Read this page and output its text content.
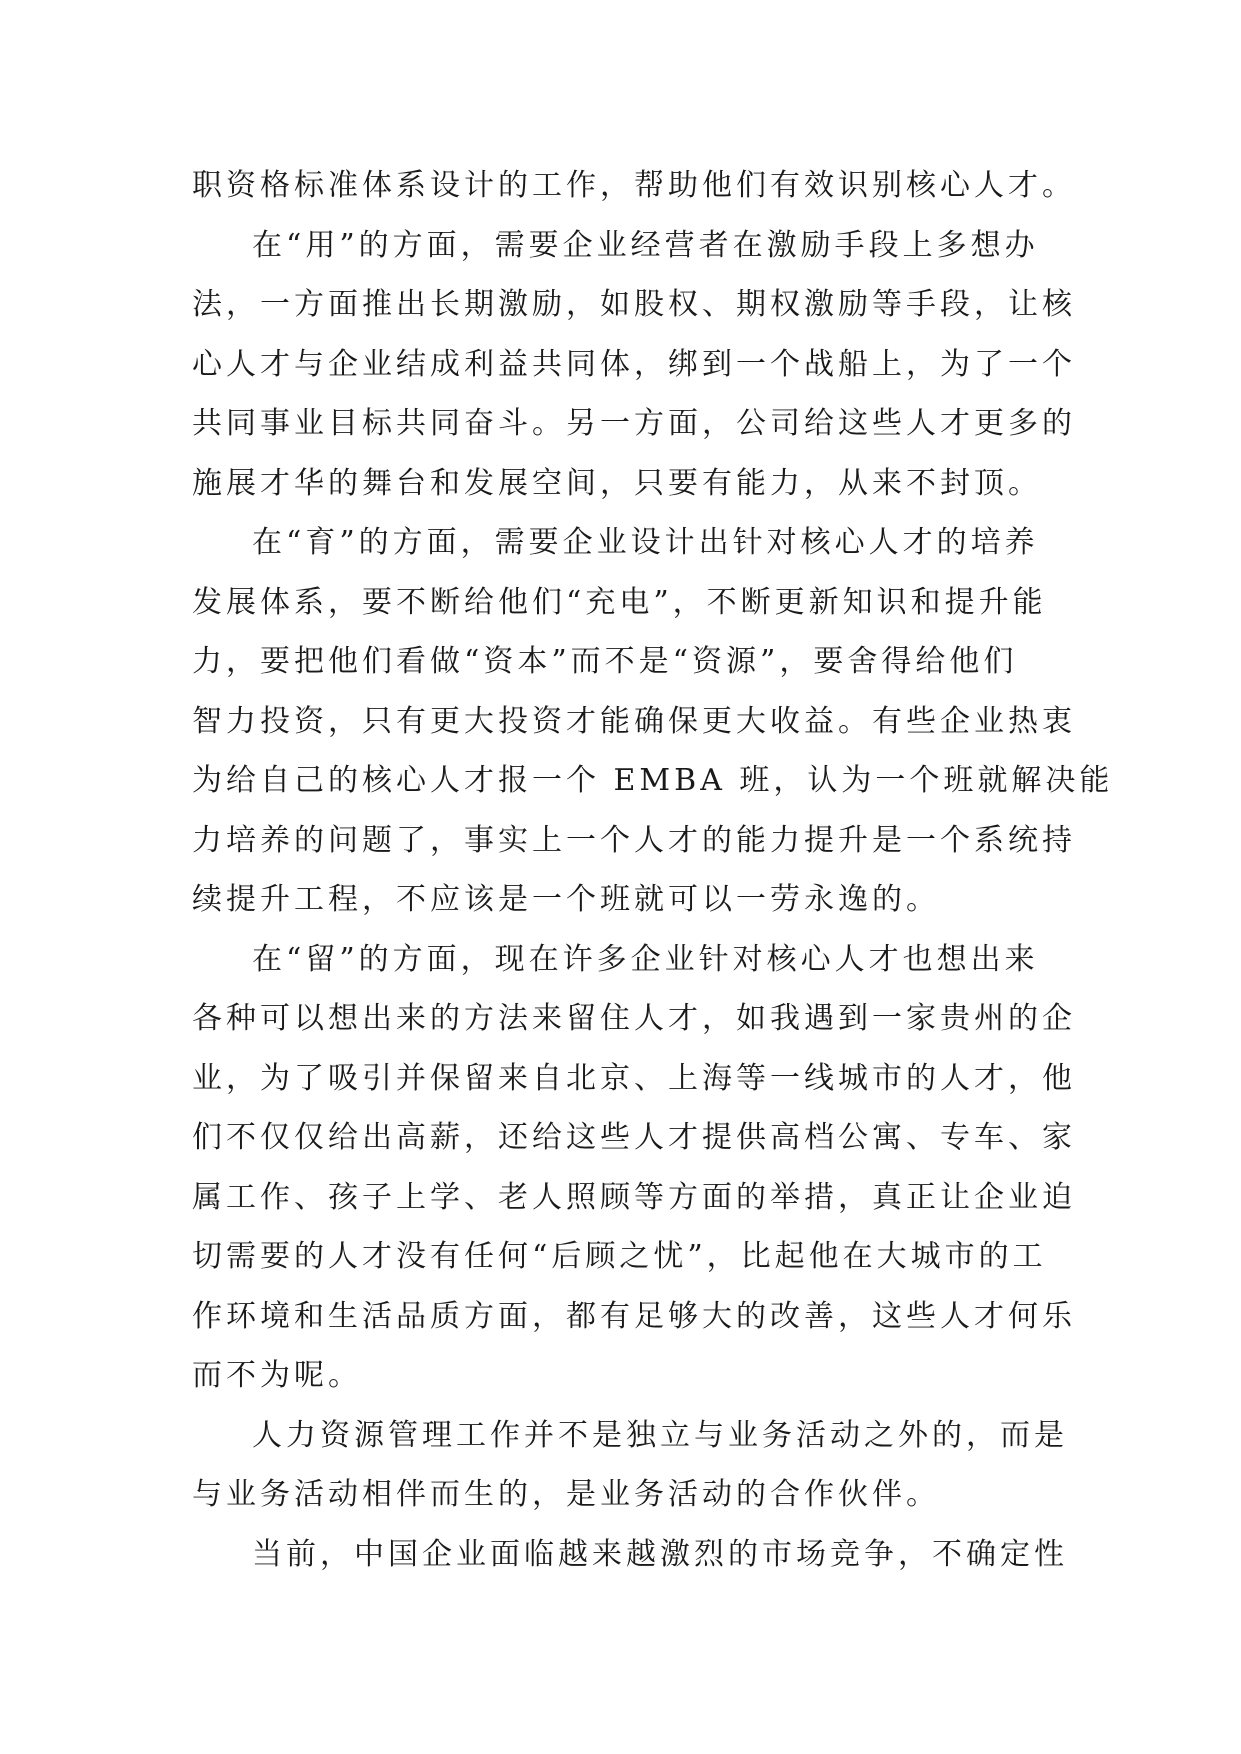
职资格标准体系设计的工作，帮助他们有效识别核心人才。
在“用”的方面，需要企业经营者在激励手段上多想办
法，一方面推出长期激励，如股权、期权激励等手段，让核
心人才与企业结成利益共同体，绑到一个战船上，为了一个
共同事业目标共同奋斗。另一方面，公司给这些人才更多的
施展才华的舞台和发展空间，只要有能力，从来不封顶。
在“育”的方面，需要企业设计出针对核心人才的培养
发展体系，要不断给他们“充电”，不断更新知识和提升能
力，要把他们看做“资本”而不是“资源”，要舍得给他们
智力投资，只有更大投资才能确保更大收益。有些企业热衷
为给自己的核心人才报一个 EMBA 班，认为一个班就解决能
力培养的问题了，事实上一个人才的能力提升是一个系统持
续提升工程，不应该是一个班就可以一劳永逸的。
在“留”的方面，现在许多企业针对核心人才也想出来
各种可以想出来的方法来留住人才，如我遇到一家贵州的企
业，为了吸引并保留来自北京、上海等一线城市的人才，他
们不仅仅给出高薪，还给这些人才提供高档公寓、专车、家
属工作、孩子上学、老人照顾等方面的举措，真正让企业迫
切需要的人才没有任何“后顾之忧”，比起他在大城市的工
作环境和生活品质方面，都有足够大的改善，这些人才何乐
而不为呢。
人力资源管理工作并不是独立与业务活动之外的，而是
与业务活动相伴而生的，是业务活动的合作伙伴。
当前，中国企业面临越来越激烈的市场竞争，不确定性
